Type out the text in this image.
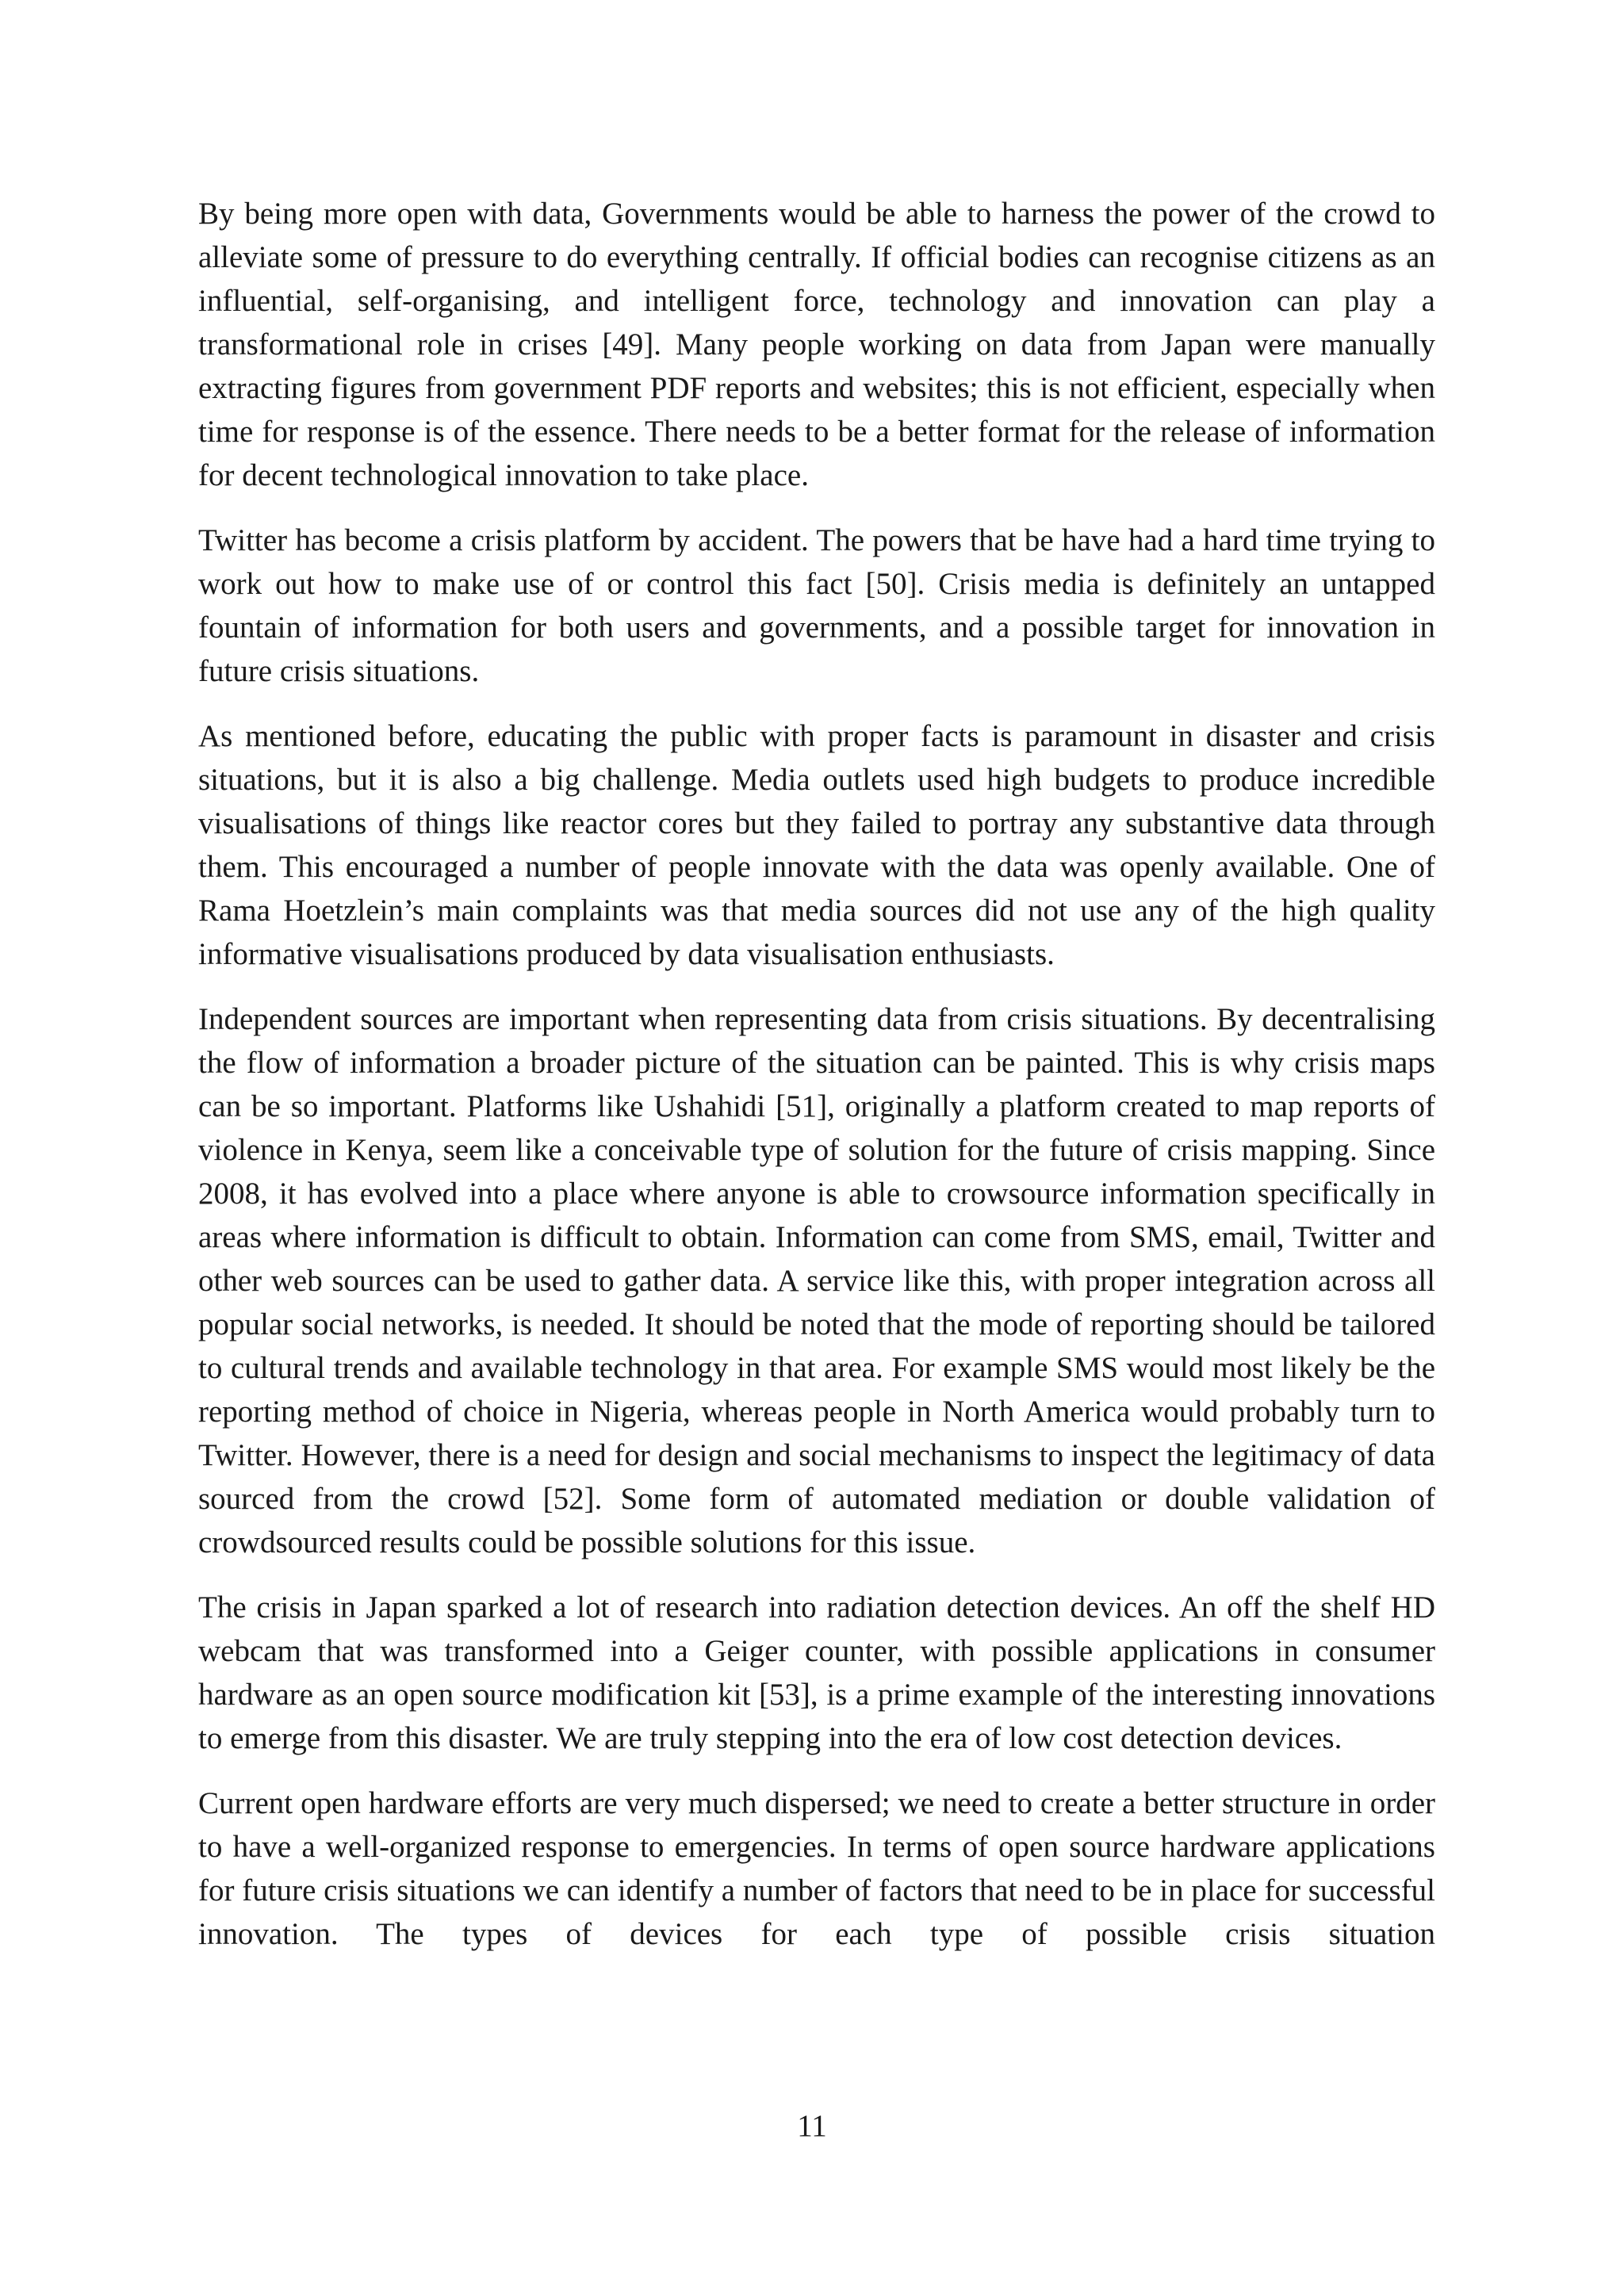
By being more open with data, Governments would be able to harness the power of the crowd to alleviate some of pressure to do everything centrally. If official bodies can recognise citizens as an influential, self-organising, and intelligent force, technology and innovation can play a transformational role in crises [49]. Many people working on data from Japan were manually extracting figures from government PDF reports and websites; this is not efficient, especially when time for response is of the essence. There needs to be a better format for the release of information for decent technological innovation to take place.

Twitter has become a crisis platform by accident. The powers that be have had a hard time trying to work out how to make use of or control this fact [50]. Crisis media is definitely an untapped fountain of information for both users and governments, and a possible target for innovation in future crisis situations.

As mentioned before, educating the public with proper facts is paramount in disaster and crisis situations, but it is also a big challenge. Media outlets used high budgets to produce incredible visualisations of things like reactor cores but they failed to portray any substantive data through them. This encouraged a number of people innovate with the data was openly available. One of Rama Hoetzlein’s main complaints was that media sources did not use any of the high quality informative visualisations produced by data visualisation enthusiasts.

Independent sources are important when representing data from crisis situations. By decentralising the flow of information a broader picture of the situation can be painted. This is why crisis maps can be so important. Platforms like Ushahidi [51], originally a platform created to map reports of violence in Kenya, seem like a conceivable type of solution for the future of crisis mapping. Since 2008, it has evolved into a place where anyone is able to crowsource information specifically in areas where information is difficult to obtain. Information can come from SMS, email, Twitter and other web sources can be used to gather data. A service like this, with proper integration across all popular social networks, is needed. It should be noted that the mode of reporting should be tailored to cultural trends and available technology in that area. For example SMS would most likely be the reporting method of choice in Nigeria, whereas people in North America would probably turn to Twitter. However, there is a need for design and social mechanisms to inspect the legitimacy of data sourced from the crowd [52]. Some form of automated mediation or double validation of crowdsourced results could be possible solutions for this issue.

The crisis in Japan sparked a lot of research into radiation detection devices. An off the shelf HD webcam that was transformed into a Geiger counter, with possible applications in consumer hardware as an open source modification kit [53], is a prime example of the interesting innovations to emerge from this disaster. We are truly stepping into the era of low cost detection devices.

Current open hardware efforts are very much dispersed; we need to create a better structure in order to have a well-organized response to emergencies. In terms of open source hardware applications for future crisis situations we can identify a number of factors that need to be in place for successful innovation. The types of devices for each type of possible crisis situation

11
